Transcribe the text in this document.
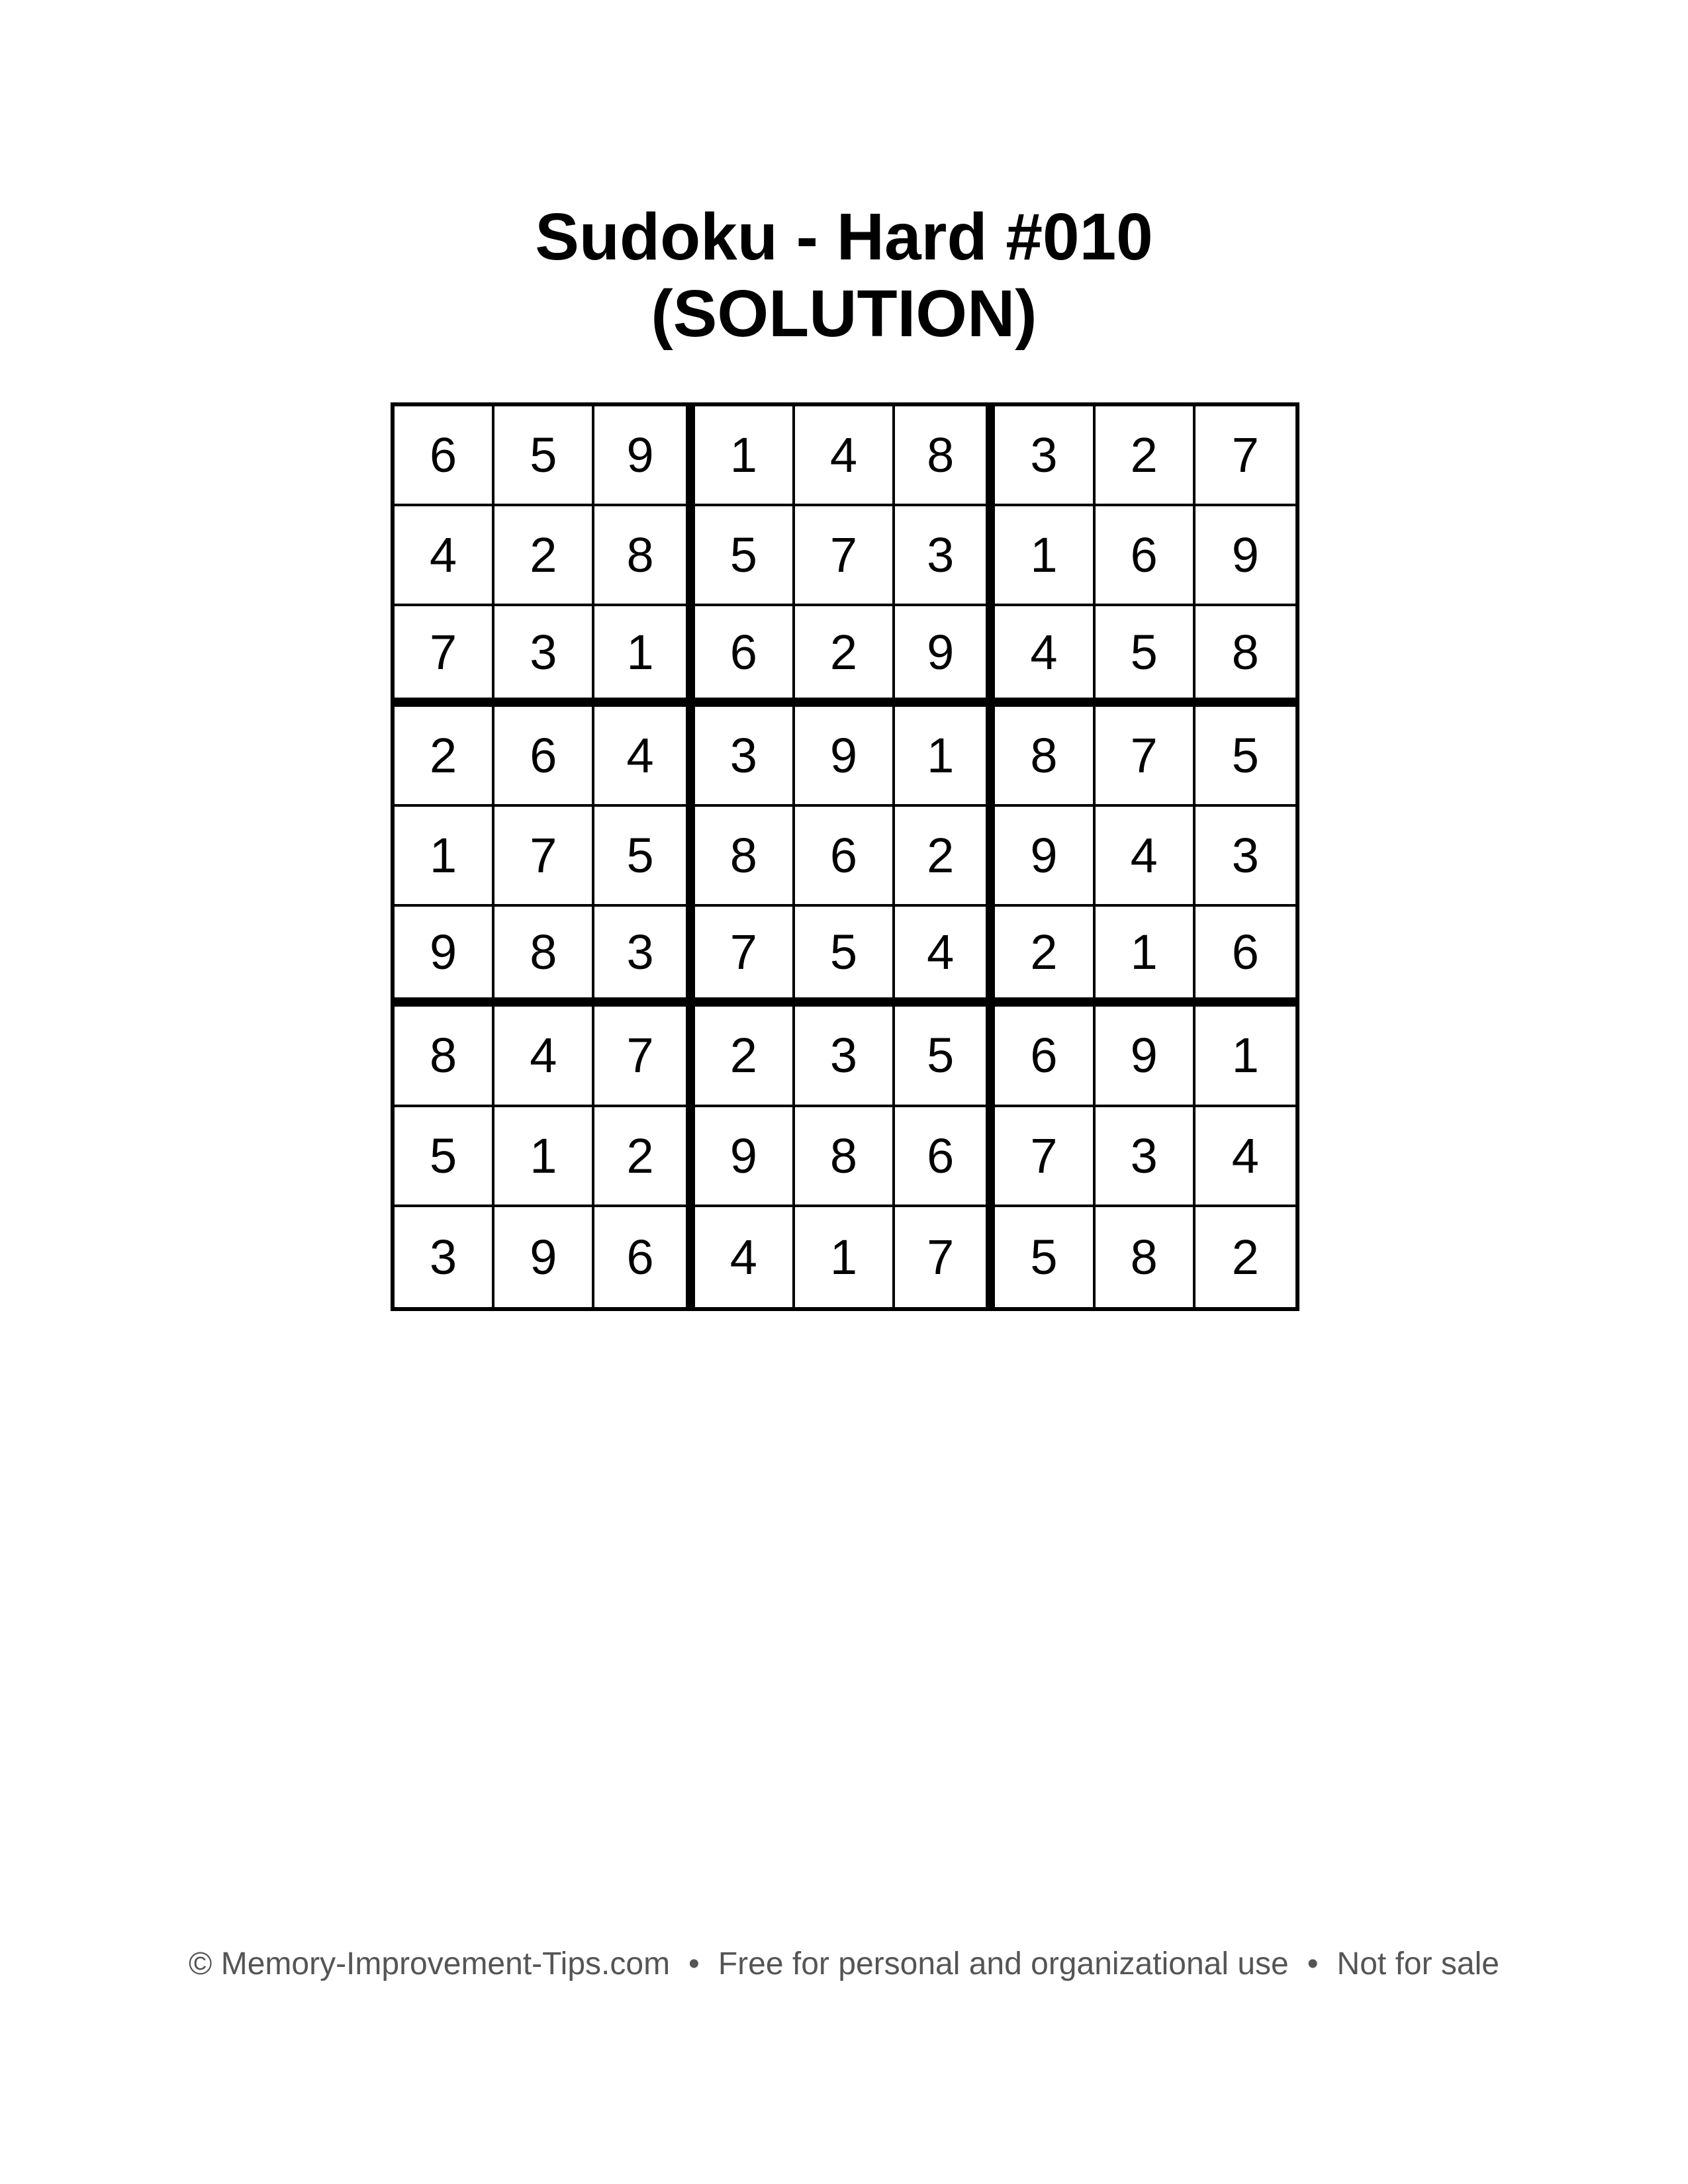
Sudoku - Hard #010
(SOLUTION)
6	5	9	1	4	8	3	2	7
4	2	8	5	7	3	1	6	9
7	3	1	6	2	9	4	5	8
2	6	4	3	9	1	8	7	5
1	7	5	8	6	2	9	4	3
9	8	3	7	5	4	2	1	6
8	4	7	2	3	5	6	9	1
5	1	2	9	8	6	7	3	4
3	9	6	4	1	7	5	8	2
© Memory-Improvement-Tips.com • Free for personal and organizational use • Not for sale
